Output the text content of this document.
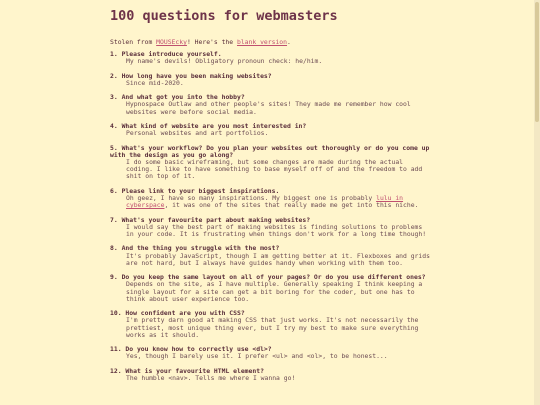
100 questions for webmasters
Stolen from MOUSEcky! Here's the blank version.
1. Please introduce yourself.
My name's devils! Obligatory pronoun check: he/him.
2. How long have you been making websites?
Since mid-2020.
3. And what got you into the hobby?
Hypnospace Outlaw and other people's sites! They made me remember how cool websites were before social media.
4. What kind of website are you most interested in?
Personal websites and art portfolios.
5. What's your workflow? Do you plan your websites out thoroughly or do you come up with the design as you go along?
I do some basic wireframing, but some changes are made during the actual coding. I like to have something to base myself off of and the freedom to add shit on top of it.
6. Please link to your biggest inspirations.
Oh geez, I have so many inspirations. My biggest one is probably lulu in cyberspace, it was one of the sites that really made me get into this niche.
7. What's your favourite part about making websites?
I would say the best part of making websites is finding solutions to problems in your code. It is frustrating when things don't work for a long time though!
8. And the thing you struggle with the most?
It's probably JavaScript, though I am getting better at it. Flexboxes and grids are not hard, but I always have guides handy when working with them too.
9. Do you keep the same layout on all of your pages? Or do you use different ones?
Depends on the site, as I have multiple. Generally speaking I think keeping a single layout for a site can get a bit boring for the coder, but one has to think about user experience too.
10. How confident are you with CSS?
I'm pretty darn good at making CSS that just works. It's not necessarily the prettiest, most unique thing ever, but I try my best to make sure everything works as it should.
11. Do you know how to correctly use <dl>?
Yes, though I barely use it. I prefer <ul> and <ol>, to be honest...
12. What is your favourite HTML element?
The humble <nav>. Tells me where I wanna go!
